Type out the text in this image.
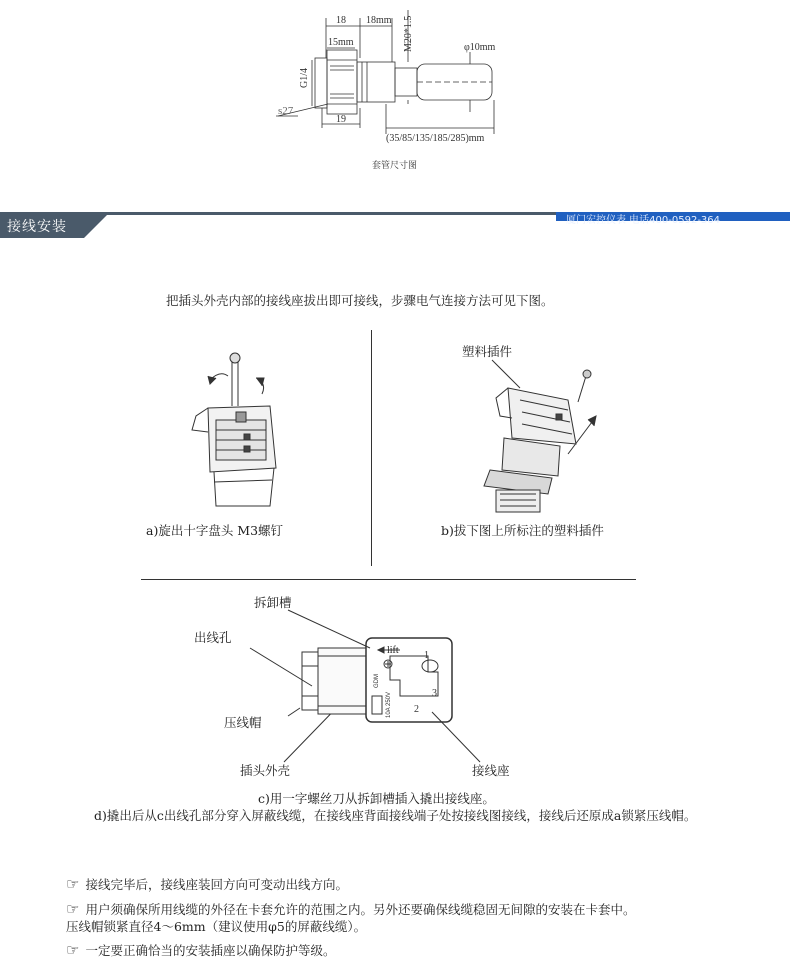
18 18mm
15mm	M20*1.5	φ10mm
G1/4
s27
19
(35/85/135/185/285)mm
套管尺寸图
接线安装	厦门宏控仪表 电话400-0592-364
把插头外壳内部的接线座拔出即可接线，步骤电气连接方法可见下图。
a)旋出十字盘头 M3螺钉
塑料插件
b)拔下图上所标注的塑料插件
1
3
2
GDM
10A 250V
lift
拆卸槽
出线孔
压线帽
插头外壳	接线座
c)用一字螺丝刀从拆卸槽插入撬出接线座。
d)撬出后从c出线孔部分穿入屏蔽线缆，在接线座背面接线端子处按接线图接线，接线后还原成a锁紧压线帽。
☞ 接线完毕后，接线座装回方向可变动出线方向。
☞ 用户须确保所用线缆的外径在卡套允许的范围之内。另外还要确保线缆稳固无间隙的安装在卡套中。
压线帽锁紧直径4～6mm（建议使用φ5的屏蔽线缆）。
☞ 一定要正确恰当的安装插座以确保防护等级。
